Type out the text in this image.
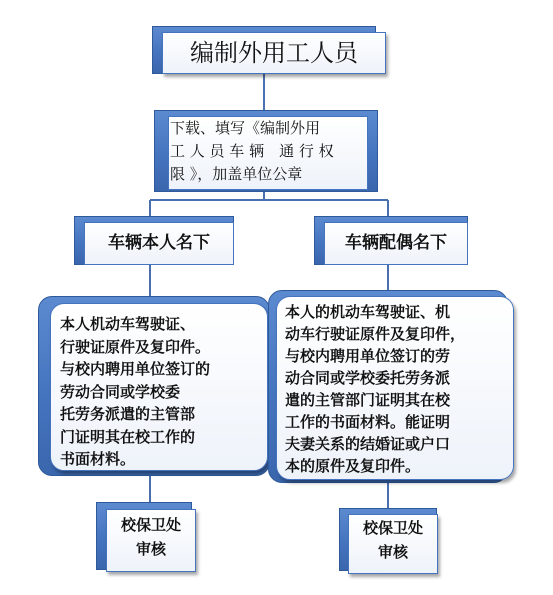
编制外用工人员
下载、填写《编制外用
工 人 员 车 辆　通 行 权
限 》，加盖单位公章
车辆本人名下	车辆配偶名下
本人机动车驾驶证、
行驶证原件及复印件。
与校内聘用单位签订的
劳动合同或学校委
托劳务派遣的主管部
门证明其在校工作的
书面材料。
本人的机动车驾驶证、机
动车行驶证原件及复印件，
与校内聘用单位签订的劳
动合同或学校委托劳务派
遣的主管部门证明其在校
工作的书面材料。能证明
夫妻关系的结婚证或户口
本的原件及复印件。
校保卫处
审核
校保卫处
审核
